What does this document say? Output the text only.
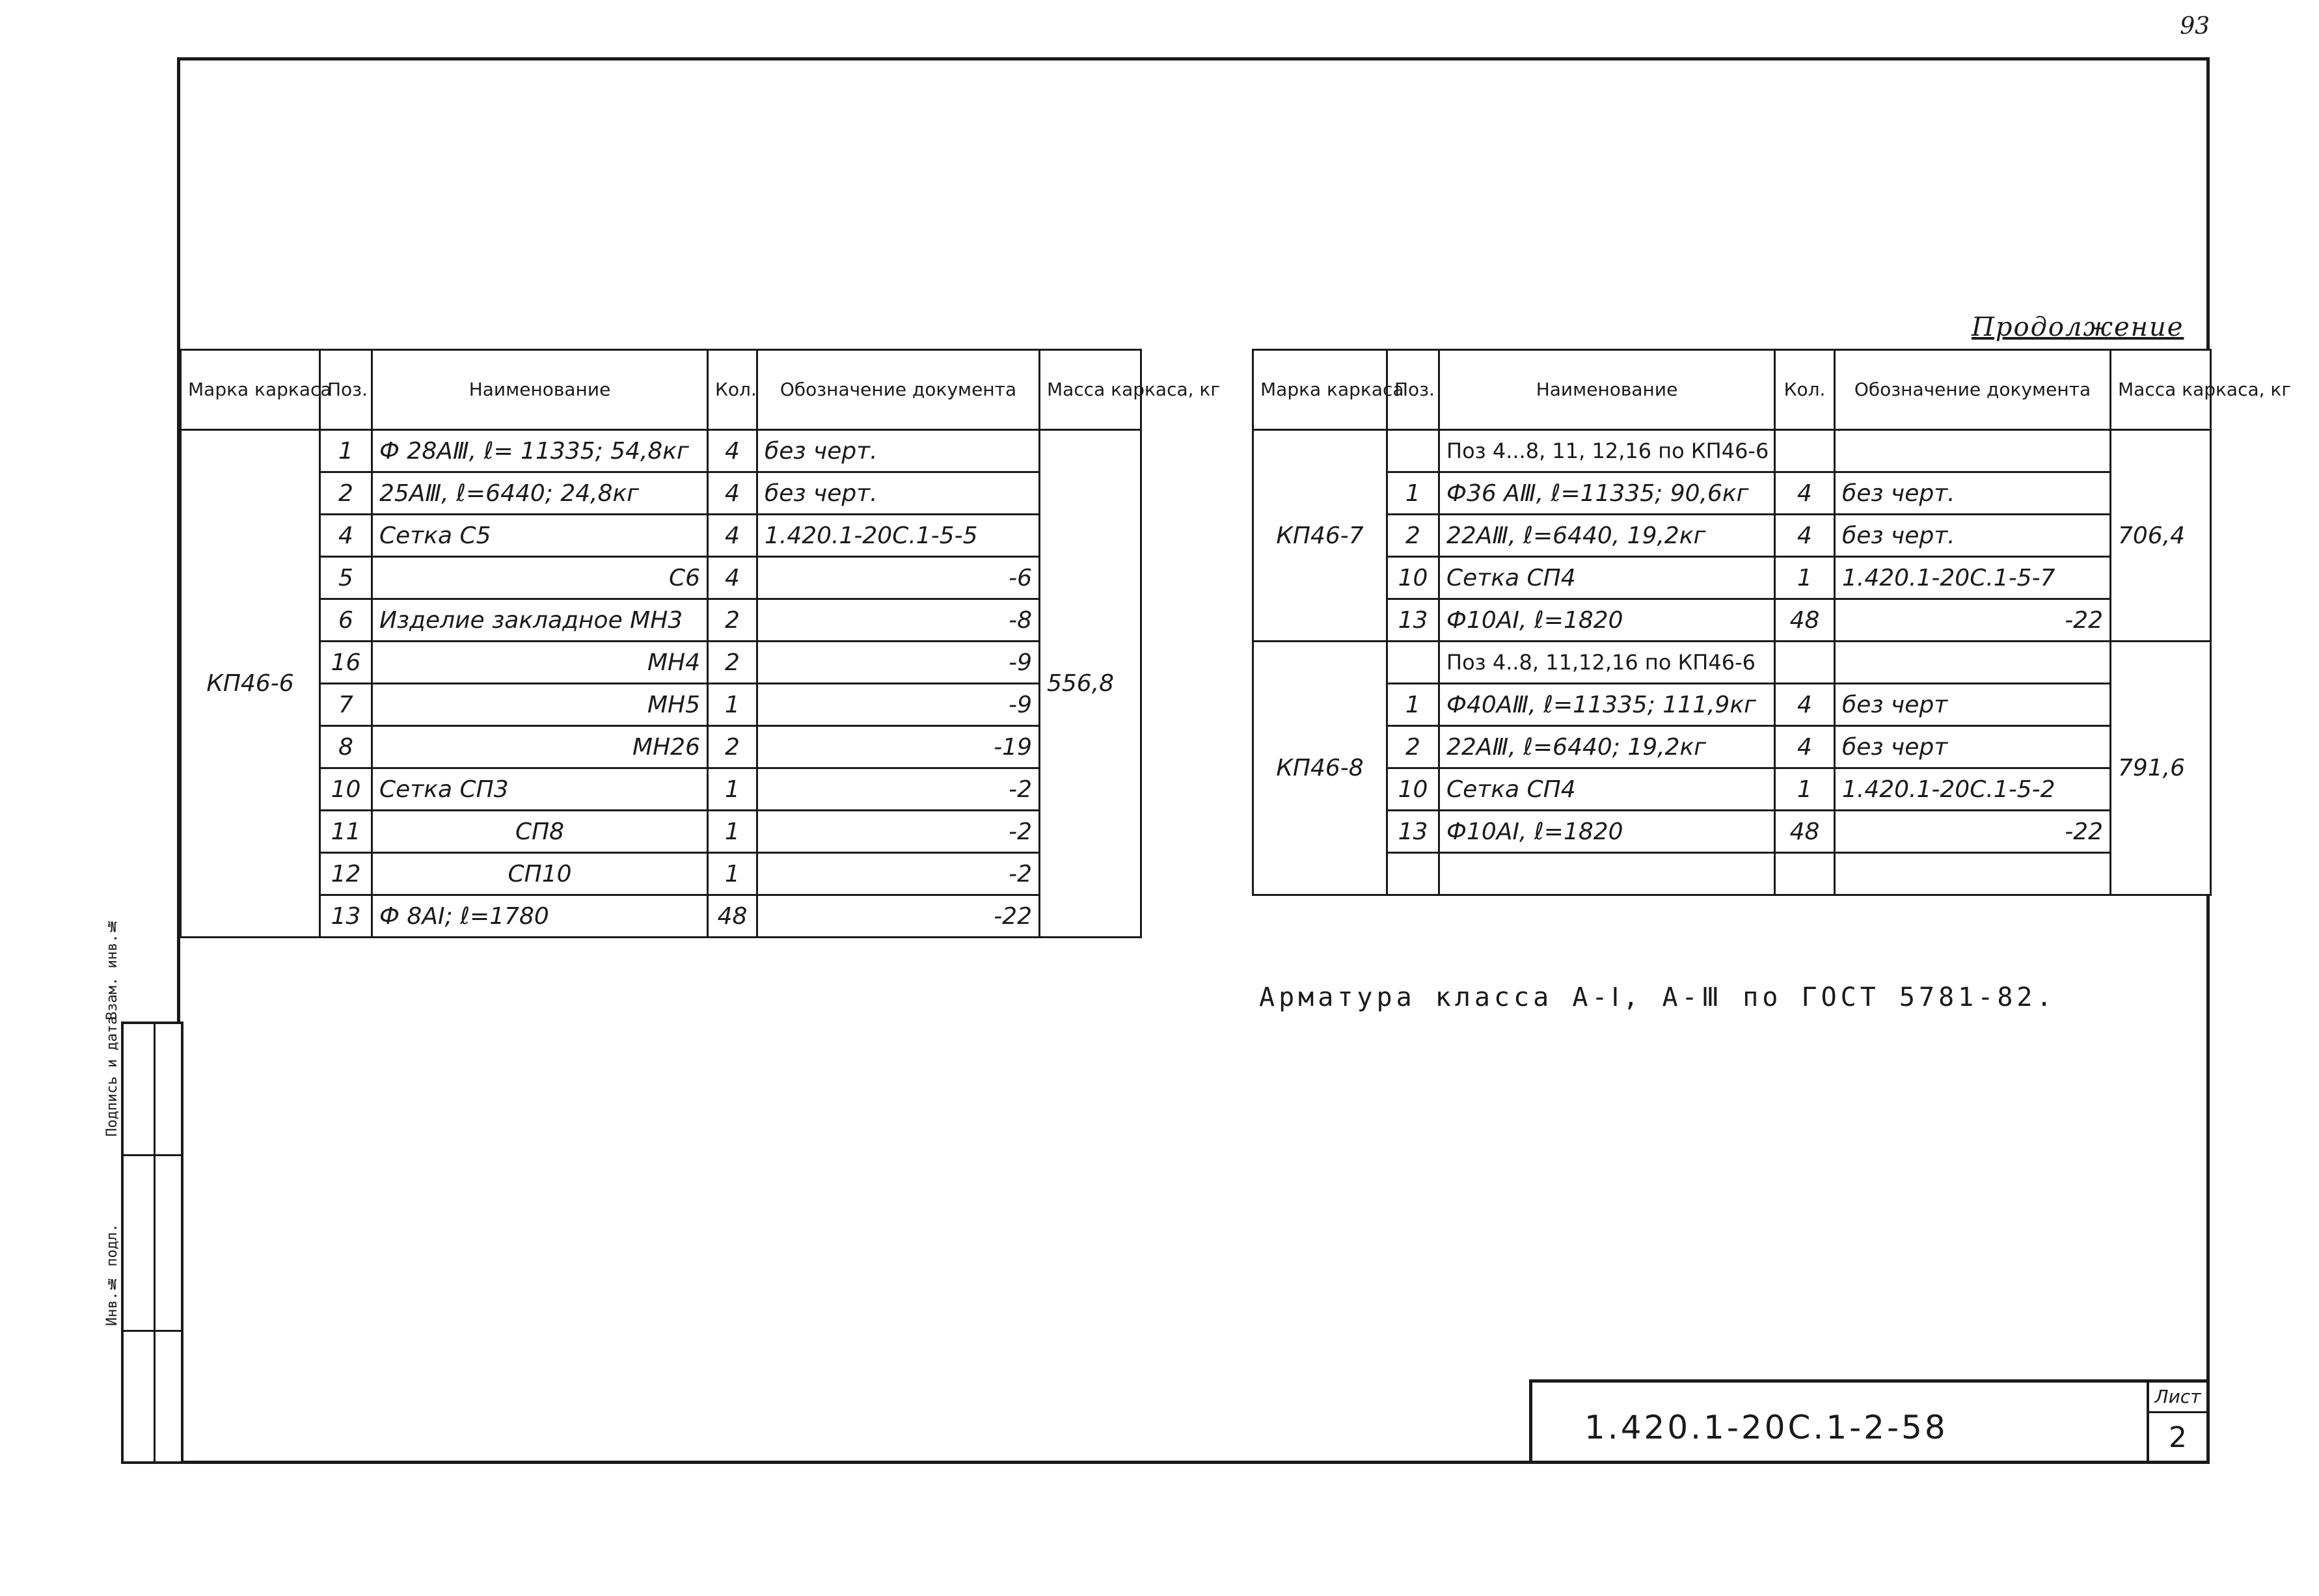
93
Взам. инв.№
Подпись и дата
Инв.№ подл.
Продолжение
Марка каркаса	Поз.	Наименование	Кол.	Обозначение документа	Масса каркаса, кг
КП46-6	1	Ф 28АⅢ, ℓ= 11335; 54,8кг	4	без черт.	556,8
	2	25АⅢ, ℓ=6440; 24,8кг	4	без черт.	
	4	Сетка С5	4	1.420.1-20С.1-5-5	
	5	С6	4	-6	
	6	Изделие закладное МН3	2	-8	
	16	МН4	2	-9	
	7	МН5	1	-9	
	8	МН26	2	-19	
	10	Сетка СП3	1	-2	
	11	СП8	1	-2	
	12	СП10	1	-2	
	13	Ф 8АⅠ; ℓ=1780	48	-22	
Марка каркаса	Поз.	Наименование	Кол.	Обозначение документа	Масса каркаса, кг
КП46-7		Поз 4...8, 11, 12,16 по КП46-6			706,4
	1	Ф36 АⅢ, ℓ=11335; 90,6кг	4	без черт.	
	2	22АⅢ, ℓ=6440, 19,2кг	4	без черт.	
	10	Сетка СП4	1	1.420.1-20С.1-5-7	
	13	Ф10АⅠ, ℓ=1820	48	-22	
КП46-8		Поз 4..8, 11,12,16 по КП46-6			791,6
	1	Ф40АⅢ, ℓ=11335; 111,9кг	4	без черт	
	2	22АⅢ, ℓ=6440; 19,2кг	4	без черт	
	10	Сетка СП4	1	1.420.1-20С.1-5-2	
	13	Ф10АⅠ, ℓ=1820	48	-22	

Арматура класса А-Ⅰ, А-Ⅲ по ГОСТ 5781-82.
1.420.1-20С.1-2-58
Лист
2
